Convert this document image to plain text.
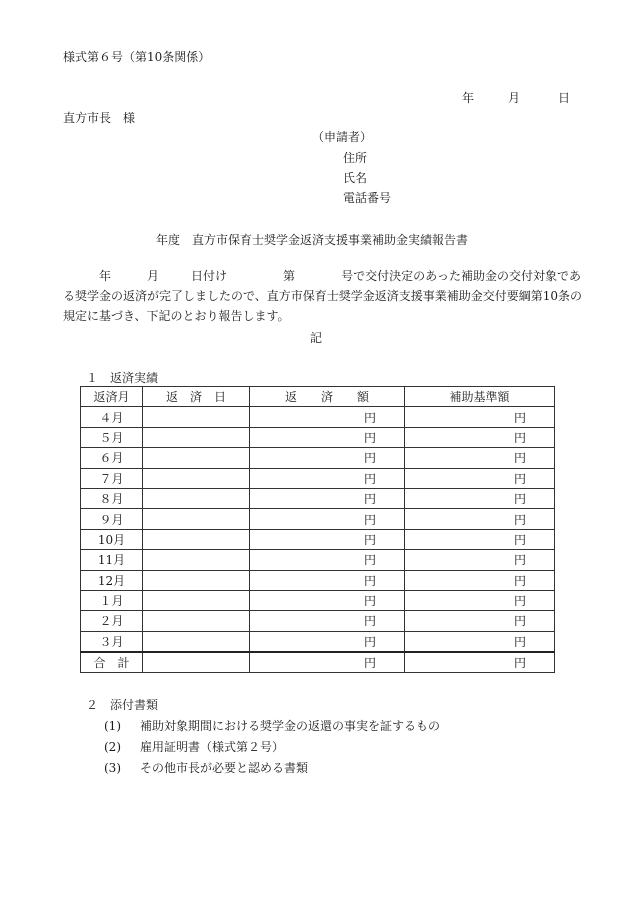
様式第６号（第10条関係）
年	月	日
直方市長　様
（申請者）
住所
氏名
電話番号
年度　直方市保育士奨学金返済支援事業補助金実績報告書
年	月	日付け	第	号で交付決定のあった補助金の交付対象である奨学金の返済が完了しましたので、直方市保育士奨学金返済支援事業補助金交付要綱第10条の規定に基づき、下記のとおり報告します。
記
１　返済実績
返済月	返　済　日	返　　済　　額	補助基準額
４月		円	円
５月		円	円
６月		円	円
７月		円	円
８月		円	円
９月		円	円
10月		円	円
11月		円	円
12月		円	円
１月		円	円
２月		円	円
３月		円	円
合　計		円	円
２　添付書類
(1) 補助対象期間における奨学金の返還の事実を証するもの
(2) 雇用証明書（様式第２号）
(3) その他市長が必要と認める書類
